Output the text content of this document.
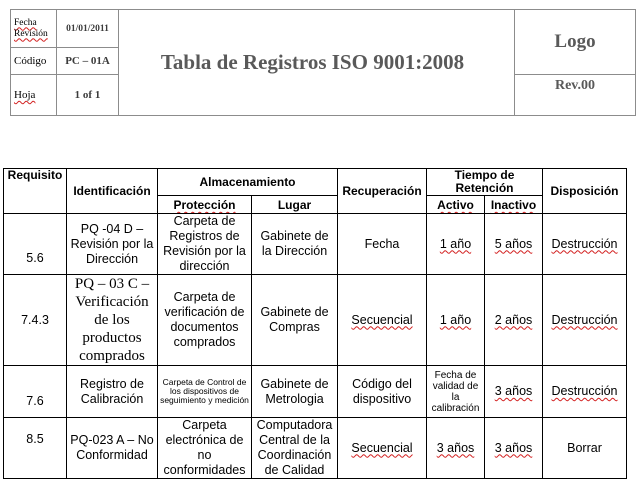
Fecha Revisión	01/01/2011	Tabla de Registros ISO 9001:2008	Logo
Código	PC – 01A		
Hoja	1 of 1		Rev.00
Requisito	Identificación	Almacenamiento		Recuperación	Tiempo de Retención		Disposición
		Protección	Lugar		Activo	Inactivo	
5.6	PQ -04 D – Revisión por la Dirección	Carpeta de Registros de Revisión por la dirección	Gabinete de la Dirección	Fecha	1 año	5 años	Destrucción
7.4.3	PQ – 03 C – Verificación de los productos comprados	Carpeta de verificación de documentos comprados	Gabinete de Compras	Secuencial	1 año	2 años	Destrucción
7.6	Registro de Calibración	Carpeta de Control de los dispositivos de seguimiento y medición	Gabinete de Metrologia	Código del dispositivo	Fecha de validad de la calibración	3 años	Destrucción
8.5	PQ-023 A – No Conformidad	Carpeta electrónica de no conformidades	Computadora Central de la Coordinación de Calidad	Secuencial	3 años	3 años	Borrar
